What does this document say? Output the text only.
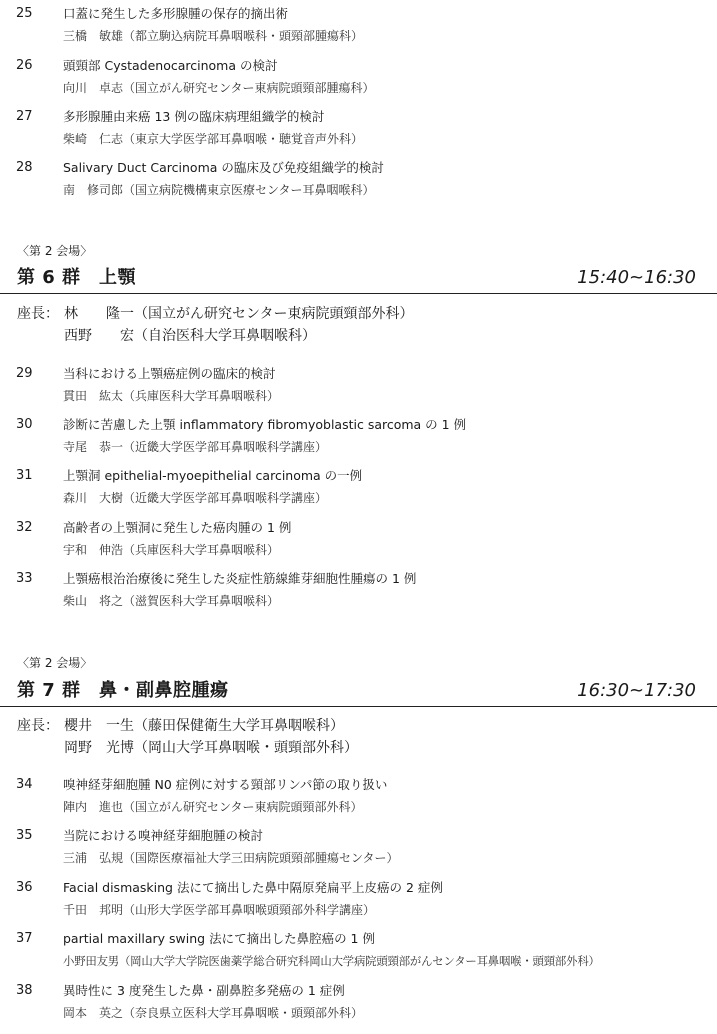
25 口蓋に発生した多形腺腫の保存的摘出術
三橋　敏雄（都立駒込病院耳鼻咽喉科・頭頸部腫瘍科）
26 頭頸部 Cystadenocarcinoma の検討
向川　卓志（国立がん研究センター東病院頭頸部腫瘍科）
27 多形腺腫由来癌 13 例の臨床病理組織学的検討
柴崎　仁志（東京大学医学部耳鼻咽喉・聴覚音声外科）
28 Salivary Duct Carcinoma の臨床及び免疫組織学的検討
南　修司郎（国立病院機構東京医療センター耳鼻咽喉科）
〈第 2 会場〉
第 6 群　上顎	15:40~16:30
座長： 林　　隆一（国立がん研究センター東病院頭頸部外科）
西野　　宏（自治医科大学耳鼻咽喉科）
29 当科における上顎癌症例の臨床的検討
貫田　紘太（兵庫医科大学耳鼻咽喉科）
30 診断に苦慮した上顎 inflammatory fibromyoblastic sarcoma の 1 例
寺尾　恭一（近畿大学医学部耳鼻咽喉科学講座）
31 上顎洞 epithelial-myoepithelial carcinoma の一例
森川　大樹（近畿大学医学部耳鼻咽喉科学講座）
32 高齢者の上顎洞に発生した癌肉腫の 1 例
宇和　伸浩（兵庫医科大学耳鼻咽喉科）
33 上顎癌根治治療後に発生した炎症性筋線維芽細胞性腫瘍の 1 例
柴山　将之（滋賀医科大学耳鼻咽喉科）
〈第 2 会場〉
第 7 群　鼻・副鼻腔腫瘍	16:30~17:30
座長： 櫻井　一生（藤田保健衛生大学耳鼻咽喉科）
岡野　光博（岡山大学耳鼻咽喉・頭頸部外科）
34 嗅神経芽細胞腫 N0 症例に対する頸部リンパ節の取り扱い
陣内　進也（国立がん研究センター東病院頭頸部外科）
35 当院における嗅神経芽細胞腫の検討
三浦　弘規（国際医療福祉大学三田病院頭頸部腫瘍センター）
36 Facial dismasking 法にて摘出した鼻中隔原発扁平上皮癌の 2 症例
千田　邦明（山形大学医学部耳鼻咽喉頭頸部外科学講座）
37 partial maxillary swing 法にて摘出した鼻腔癌の 1 例
小野田友男（岡山大学大学院医歯薬学総合研究科岡山大学病院頭頸部がんセンター耳鼻咽喉・頭頸部外科）
38 異時性に 3 度発生した鼻・副鼻腔多発癌の 1 症例
岡本　英之（奈良県立医科大学耳鼻咽喉・頭頸部外科）
